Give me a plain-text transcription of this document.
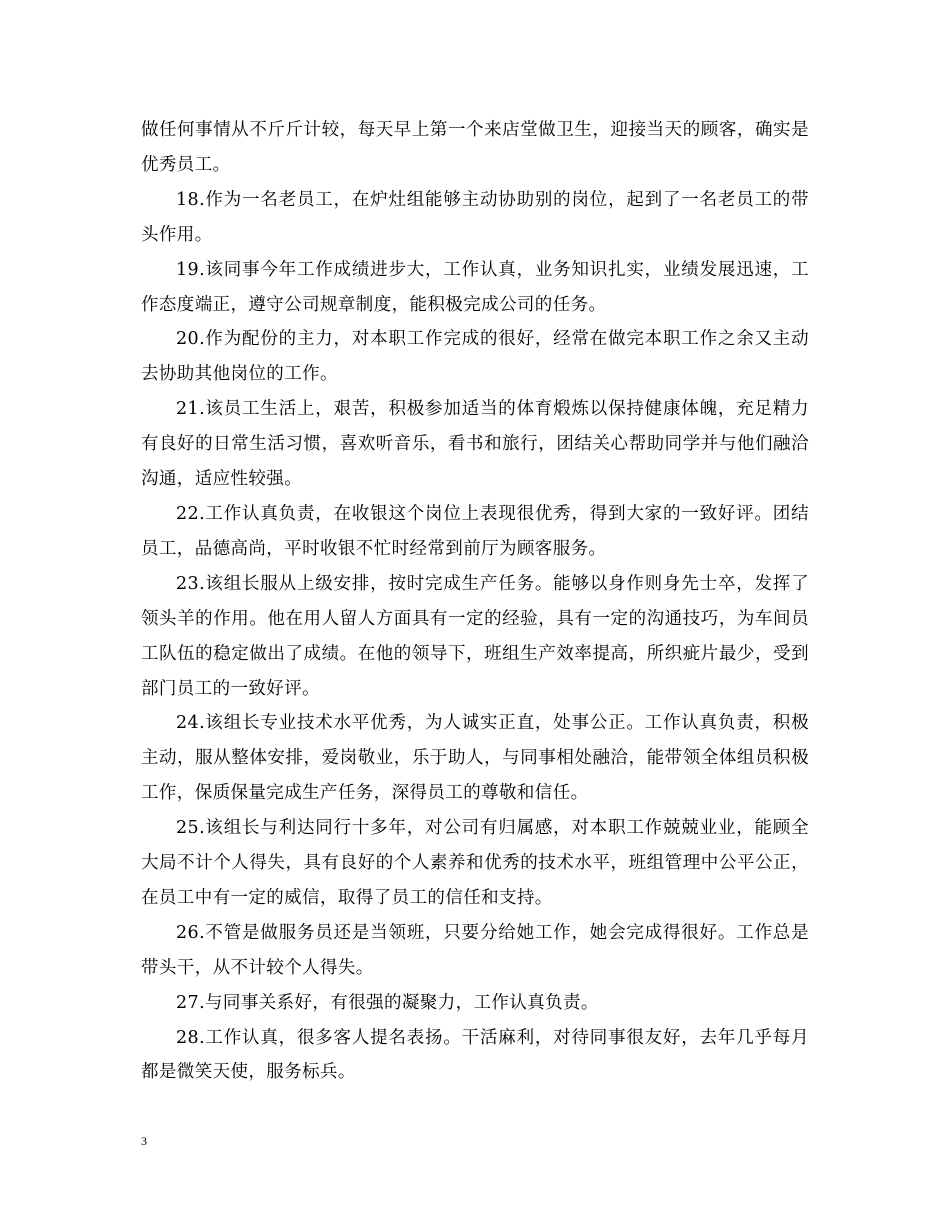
做任何事情从不斤斤计较，每天早上第一个来店堂做卫生，迎接当天的顾客，确实是优秀员工。

18.作为一名老员工，在炉灶组能够主动协助别的岗位，起到了一名老员工的带头作用。

19.该同事今年工作成绩进步大，工作认真，业务知识扎实，业绩发展迅速，工作态度端正，遵守公司规章制度，能积极完成公司的任务。

20.作为配份的主力，对本职工作完成的很好，经常在做完本职工作之余又主动去协助其他岗位的工作。

21.该员工生活上，艰苦，积极参加适当的体育煅炼以保持健康体魄，充足精力有良好的日常生活习惯，喜欢听音乐，看书和旅行，团结关心帮助同学并与他们融洽沟通，适应性较强。

22.工作认真负责，在收银这个岗位上表现很优秀，得到大家的一致好评。团结员工，品德高尚，平时收银不忙时经常到前厅为顾客服务。

23.该组长服从上级安排，按时完成生产任务。能够以身作则身先士卒，发挥了领头羊的作用。他在用人留人方面具有一定的经验，具有一定的沟通技巧，为车间员工队伍的稳定做出了成绩。在他的领导下，班组生产效率提高，所织疵片最少，受到部门员工的一致好评。

24.该组长专业技术水平优秀，为人诚实正直，处事公正。工作认真负责，积极主动，服从整体安排，爱岗敬业，乐于助人，与同事相处融洽，能带领全体组员积极工作，保质保量完成生产任务，深得员工的尊敬和信任。

25.该组长与利达同行十多年，对公司有归属感，对本职工作兢兢业业，能顾全大局不计个人得失，具有良好的个人素养和优秀的技术水平，班组管理中公平公正，在员工中有一定的威信，取得了员工的信任和支持。

26.不管是做服务员还是当领班，只要分给她工作，她会完成得很好。工作总是带头干，从不计较个人得失。

27.与同事关系好，有很强的凝聚力，工作认真负责。

28.工作认真，很多客人提名表扬。干活麻利，对待同事很友好，去年几乎每月都是微笑天使，服务标兵。

3
